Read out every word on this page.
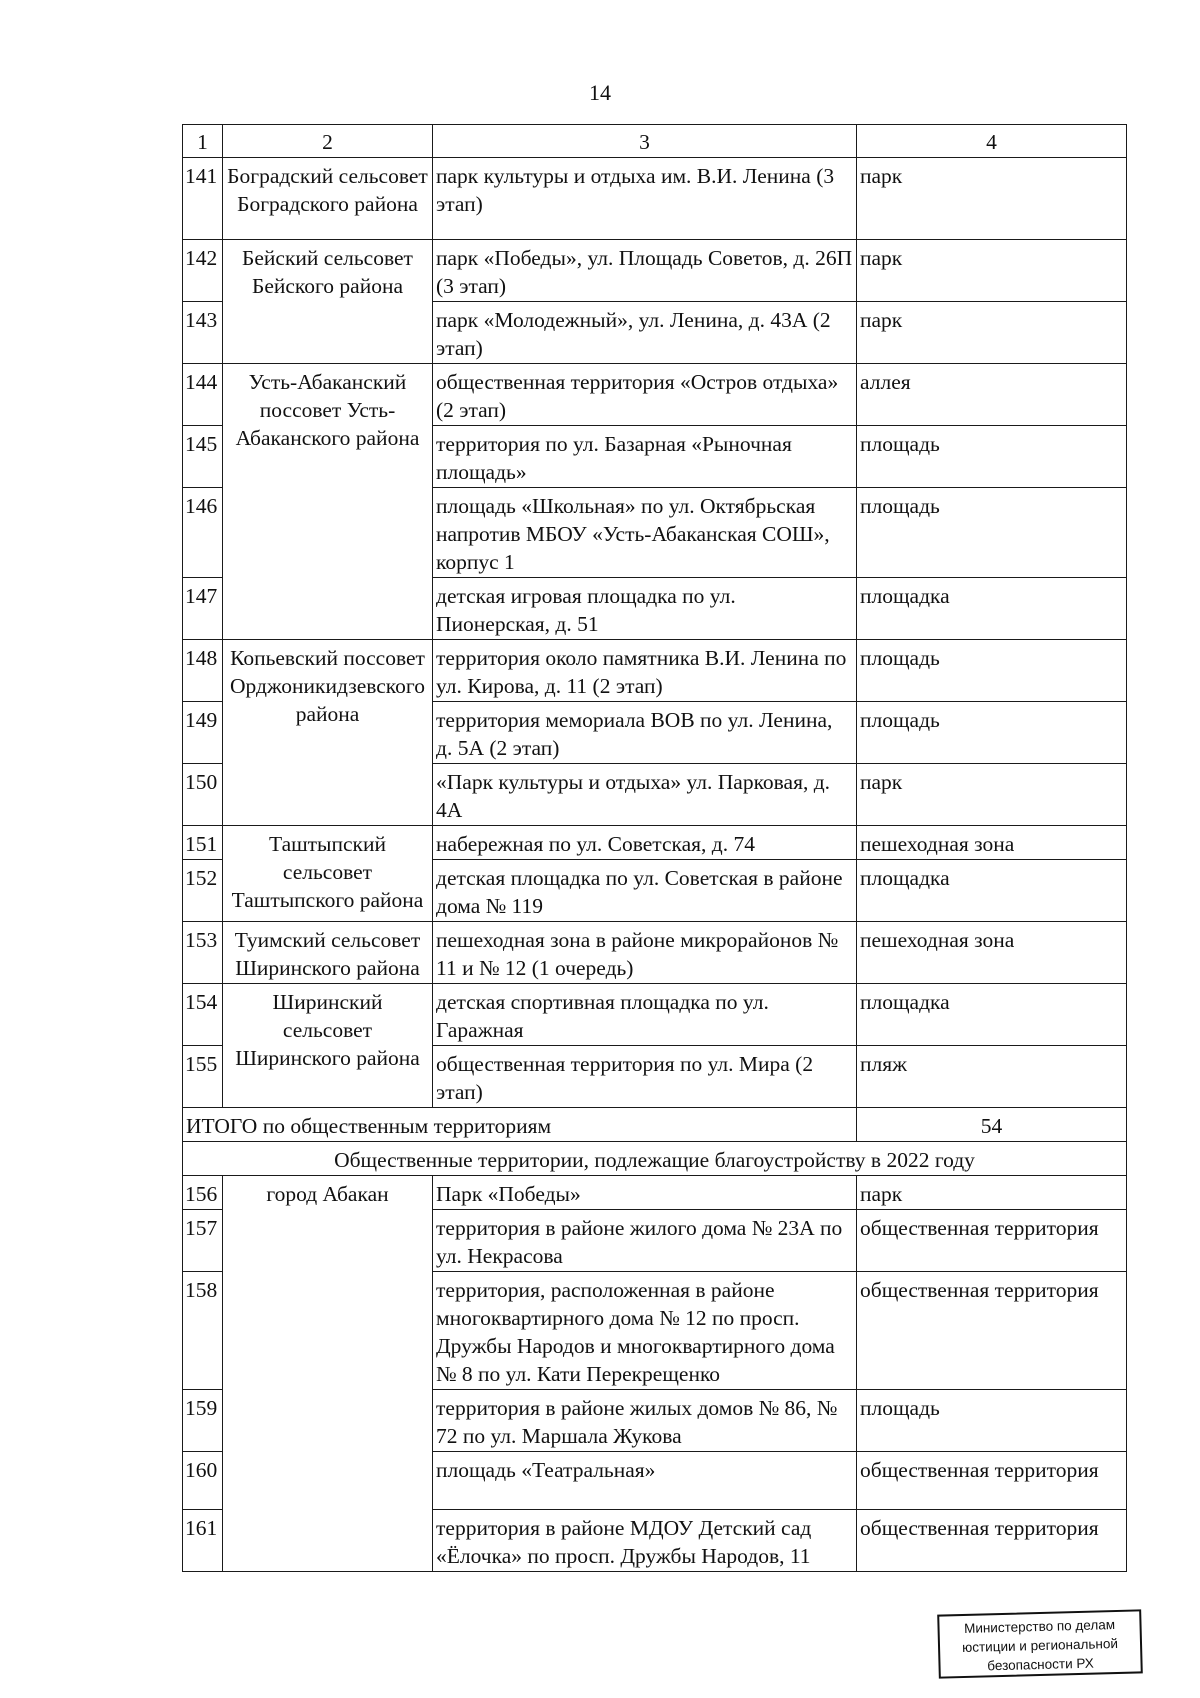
14
1	2	3	4
141	Боградский сельсовет Боградского района	парк культуры и отдыха им. В.И. Ленина (3 этап)	парк
142	Бейский сельсовет Бейского района	парк «Победы», ул. Площадь Советов, д. 26П (3 этап)	парк
143		парк «Молодежный», ул. Ленина, д. 43А (2 этап)	парк
144	Усть-Абаканский поссовет Усть-Абаканского района	общественная территория «Остров отдыха» (2 этап)	аллея
145		территория по ул. Базарная «Рыночная площадь»	площадь
146		площадь «Школьная» по ул. Октябрьская напротив МБОУ «Усть-Абаканская СОШ», корпус 1	площадь
147		детская игровая площадка по ул. Пионерская, д. 51	площадка
148	Копьевский поссовет Орджоникидзевского района	территория около памятника В.И. Ленина по ул. Кирова, д. 11 (2 этап)	площадь
149		территория мемориала ВОВ по ул. Ленина, д. 5А (2 этап)	площадь
150		«Парк культуры и отдыха» ул. Парковая, д. 4А	парк
151	Таштыпский сельсовет Таштыпского района	набережная по ул. Советская, д. 74	пешеходная зона
152		детская площадка по ул. Советская в районе дома № 119	площадка
153	Туимский сельсовет Ширинского района	пешеходная зона в районе микрорайонов № 11 и № 12 (1 очередь)	пешеходная зона
154	Ширинский сельсовет Ширинского района	детская спортивная площадка по ул. Гаражная	площадка
155		общественная территория по ул. Мира (2 этап)	пляж
ИТОГО по общественным территориям			54
Общественные территории, подлежащие благоустройству в 2022 году			
156	город Абакан	Парк «Победы»	парк
157		территория в районе жилого дома № 23А по ул. Некрасова	общественная территория
158		территория, расположенная в районе многоквартирного дома № 12 по просп. Дружбы Народов и многоквартирного дома № 8 по ул. Кати Перекрещенко	общественная территория
159		территория в районе жилых домов № 86, № 72 по ул. Маршала Жукова	площадь
160		площадь «Театральная»	общественная территория
161		территория в районе МДОУ Детский сад «Ёлочка» по просп. Дружбы Народов, 11	общественная территория
Министерство по делам
юстиции и региональной
безопасности РХ
